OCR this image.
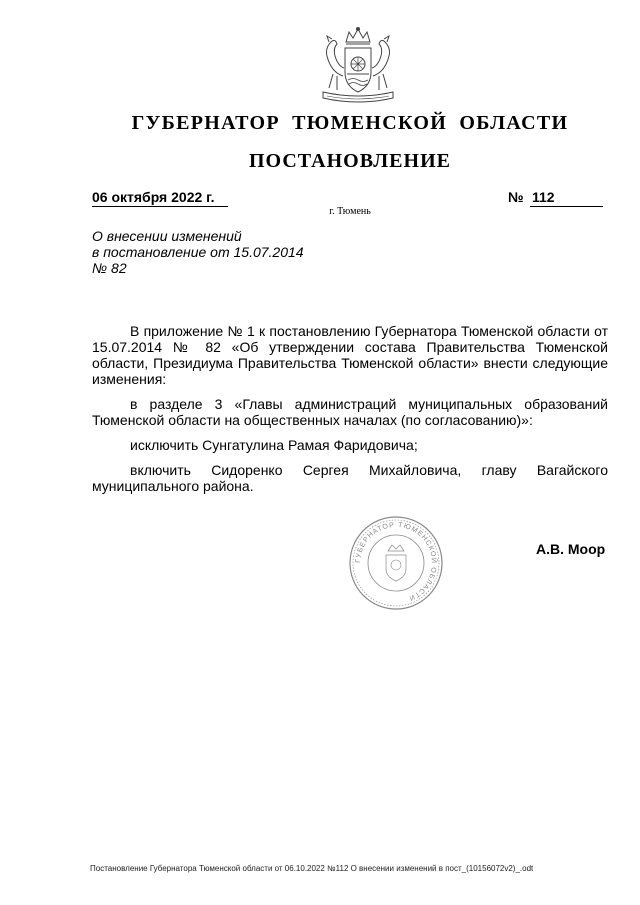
ГУБЕРНАТОР ТЮМЕНСКОЙ ОБЛАСТИ
ПОСТАНОВЛЕНИЕ
06 октября 2022 г.	№ 112
г. Тюмень
О внесении изменений
в постановление от 15.07.2014
№ 82

В приложение № 1 к постановлению Губернатора Тюменской области от 15.07.2014 № 82 «Об утверждении состава Правительства Тюменской области, Президиума Правительства Тюменской области» внести следующие изменения:

в разделе 3 «Главы администраций муниципальных образований Тюменской области на общественных началах (по согласованию)»:

исключить Сунгатулина Рамая Фаридовича;

включить Сидоренко Сергея Михайловича, главу Вагайского муниципального района.

ГУБЕРНАТОР ТЮМЕНСКОЙ ОБЛАСТИ
А.В. Моор
Постановление Губернатора Тюменской области от 06.10.2022 №112 О внесении изменений в пост_(10156072v2)_.odt
